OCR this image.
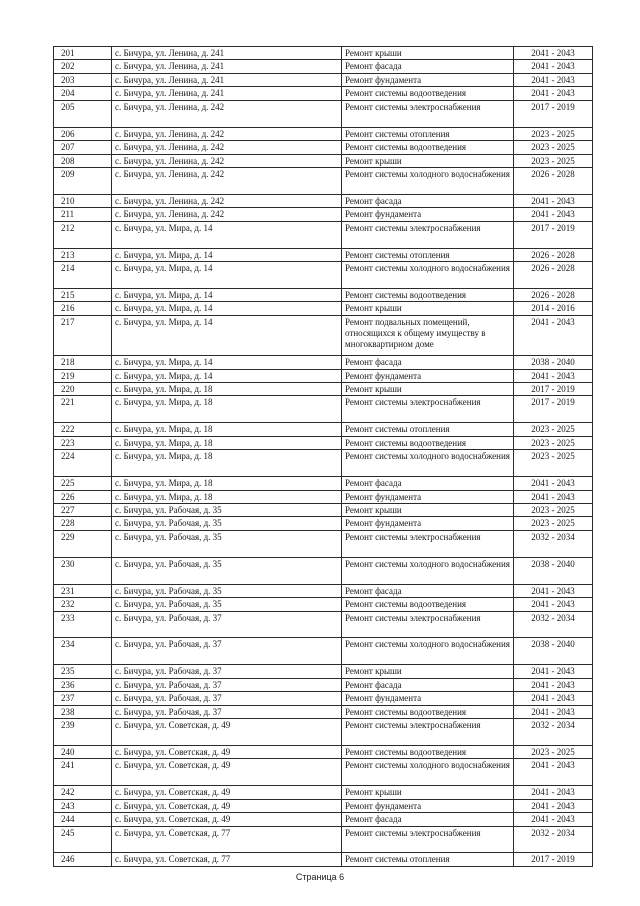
201	с. Бичура, ул. Ленина, д. 241	Ремонт крыши	2041 - 2043
202	с. Бичура, ул. Ленина, д. 241	Ремонт фасада	2041 - 2043
203	с. Бичура, ул. Ленина, д. 241	Ремонт фундамента	2041 - 2043
204	с. Бичура, ул. Ленина, д. 241	Ремонт системы водоотведения	2041 - 2043
205	с. Бичура, ул. Ленина, д. 242	Ремонт системы электроснабжения	2017 - 2019
206	с. Бичура, ул. Ленина, д. 242	Ремонт системы отопления	2023 - 2025
207	с. Бичура, ул. Ленина, д. 242	Ремонт системы водоотведения	2023 - 2025
208	с. Бичура, ул. Ленина, д. 242	Ремонт крыши	2023 - 2025
209	с. Бичура, ул. Ленина, д. 242	Ремонт системы холодного водоснабжения	2026 - 2028
210	с. Бичура, ул. Ленина, д. 242	Ремонт фасада	2041 - 2043
211	с. Бичура, ул. Ленина, д. 242	Ремонт фундамента	2041 - 2043
212	с. Бичура, ул. Мира, д. 14	Ремонт системы электроснабжения	2017 - 2019
213	с. Бичура, ул. Мира, д. 14	Ремонт системы отопления	2026 - 2028
214	с. Бичура, ул. Мира, д. 14	Ремонт системы холодного водоснабжения	2026 - 2028
215	с. Бичура, ул. Мира, д. 14	Ремонт системы водоотведения	2026 - 2028
216	с. Бичура, ул. Мира, д. 14	Ремонт крыши	2014 - 2016
217	с. Бичура, ул. Мира, д. 14	Ремонт подвальных помещений, относящихся к общему имуществу в многоквартирном доме	2041 - 2043
218	с. Бичура, ул. Мира, д. 14	Ремонт фасада	2038 - 2040
219	с. Бичура, ул. Мира, д. 14	Ремонт фундамента	2041 - 2043
220	с. Бичура, ул. Мира, д. 18	Ремонт крыши	2017 - 2019
221	с. Бичура, ул. Мира, д. 18	Ремонт системы электроснабжения	2017 - 2019
222	с. Бичура, ул. Мира, д. 18	Ремонт системы отопления	2023 - 2025
223	с. Бичура, ул. Мира, д. 18	Ремонт системы водоотведения	2023 - 2025
224	с. Бичура, ул. Мира, д. 18	Ремонт системы холодного водоснабжения	2023 - 2025
225	с. Бичура, ул. Мира, д. 18	Ремонт фасада	2041 - 2043
226	с. Бичура, ул. Мира, д. 18	Ремонт фундамента	2041 - 2043
227	с. Бичура, ул. Рабочая, д. 35	Ремонт крыши	2023 - 2025
228	с. Бичура, ул. Рабочая, д. 35	Ремонт фундамента	2023 - 2025
229	с. Бичура, ул. Рабочая, д. 35	Ремонт системы электроснабжения	2032 - 2034
230	с. Бичура, ул. Рабочая, д. 35	Ремонт системы холодного водоснабжения	2038 - 2040
231	с. Бичура, ул. Рабочая, д. 35	Ремонт фасада	2041 - 2043
232	с. Бичура, ул. Рабочая, д. 35	Ремонт системы водоотведения	2041 - 2043
233	с. Бичура, ул. Рабочая, д. 37	Ремонт системы электроснабжения	2032 - 2034
234	с. Бичура, ул. Рабочая, д. 37	Ремонт системы холодного водоснабжения	2038 - 2040
235	с. Бичура, ул. Рабочая, д. 37	Ремонт крыши	2041 - 2043
236	с. Бичура, ул. Рабочая, д. 37	Ремонт фасада	2041 - 2043
237	с. Бичура, ул. Рабочая, д. 37	Ремонт фундамента	2041 - 2043
238	с. Бичура, ул. Рабочая, д. 37	Ремонт системы водоотведения	2041 - 2043
239	с. Бичура, ул. Советская, д. 49	Ремонт системы электроснабжения	2032 - 2034
240	с. Бичура, ул. Советская, д. 49	Ремонт системы водоотведения	2023 - 2025
241	с. Бичура, ул. Советская, д. 49	Ремонт системы холодного водоснабжения	2041 - 2043
242	с. Бичура, ул. Советская, д. 49	Ремонт крыши	2041 - 2043
243	с. Бичура, ул. Советская, д. 49	Ремонт фундамента	2041 - 2043
244	с. Бичура, ул. Советская, д. 49	Ремонт фасада	2041 - 2043
245	с. Бичура, ул. Советская, д. 77	Ремонт системы электроснабжения	2032 - 2034
246	с. Бичура, ул. Советская, д. 77	Ремонт системы отопления	2017 - 2019
Страница 6
